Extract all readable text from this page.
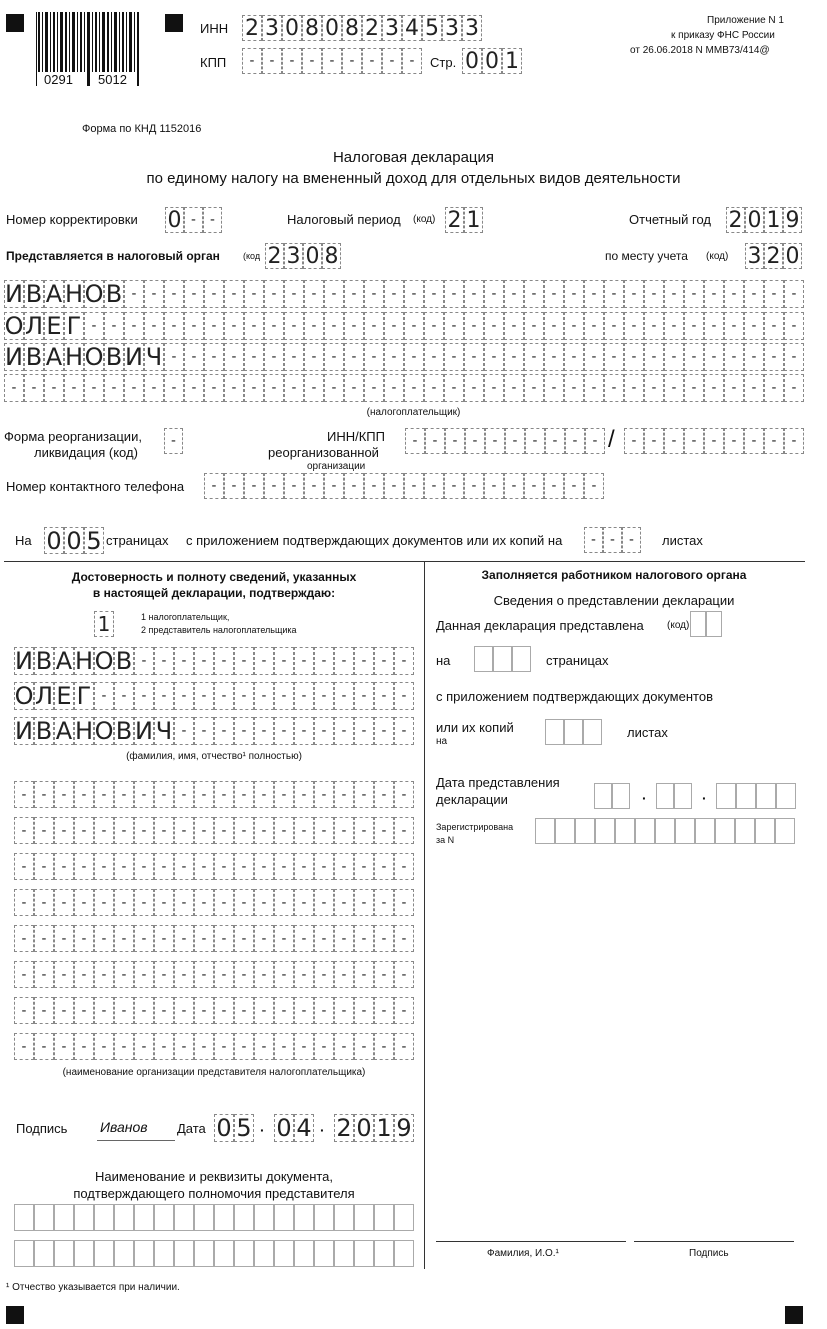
0291 5012
ИНН 2 3 0 8 0 8 2 3 4 5 3 3
КПП	- - - - - - - - -	Стр. 0 0 1
Приложение N 1
к приказу ФНС России
от 26.06.2018 N ММВ73/414@
Форма по КНД 1152016
Налоговая декларация
по единому налогу на вмененный доход для отдельных видов деятельности
Номер корректировки 0 - -	Налоговый период (код) 2 1	Отчетный год 2 0 1 9
Представляется в налоговый орган	(код 2 3 0 8	по месту учета (код) 3 2 0
И В А Н О В - - - - - - - - - - - - - - - - - - - - - - - - - - - - - - - - - -
О Л Е Г - - - - - - - - - - - - - - - - - - - - - - - - - - - - - - - - - - - -
И В А Н О В И Ч - - - - - - - - - - - - - - - - - - - - - - - - - - - - - - - -
- - - - - - - - - - - - - - - - - - - - - - - - - - - - - - - - - - - - - - - -
(налогоплательщик)
Форма реорганизации,
ликвидация (код)
-	ИНН/КПП
реорганизованной
организации
- - - - - - - - - - /	- - - - - - - - -
Номер контактного телефона	- - - - - - - - - - - - - - - - - - - -
На 0 0 5 страницах с приложением подтверждающих документов или их копий на	- - -	листах
Достоверность и полноту сведений, указанных
в настоящей декларации, подтверждаю:
1	1 налогоплательщик,
2 представитель налогоплательщика
И В А Н О В - - - - - - - - - - - - - -
О Л Е Г - - - - - - - - - - - - - - - -
И В А Н О В И Ч - - - - - - - - - - - -
(фамилия, имя, отчество¹ полностью)
- - - - - - - - - - - - - - - - - - - -
- - - - - - - - - - - - - - - - - - - -
- - - - - - - - - - - - - - - - - - - -
- - - - - - - - - - - - - - - - - - - -
- - - - - - - - - - - - - - - - - - - -
- - - - - - - - - - - - - - - - - - - -
- - - - - - - - - - - - - - - - - - - -
- - - - - - - - - - - - - - - - - - - -
(наименование организации представителя налогоплательщика)
Подпись Иванов Дата 0 5 · 0 4 · 2 0 1 9
Наименование и реквизиты документа,
подтверждающего полномочия представителя
Заполняется работником налогового органа
Сведения о представлении декларации
Данная декларация представлена (код)
на	страницах
с приложением подтверждающих документов
или их копий
на
листах
Дата представления
декларации	·	·
Зарегистрирована
за N
Фамилия, И.О.¹	Подпись
¹ Отчество указывается при наличии.
